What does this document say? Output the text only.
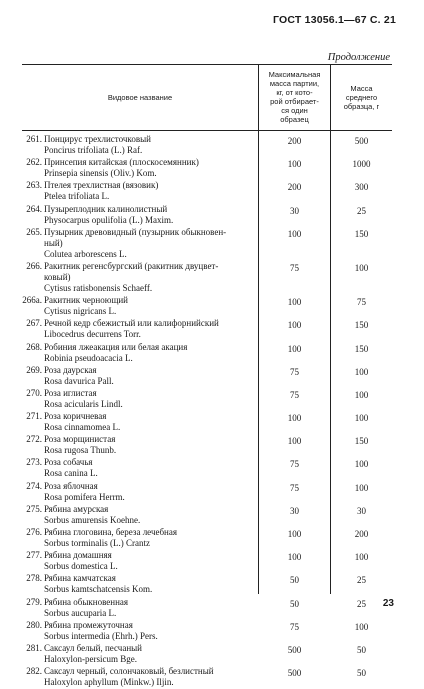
ГОСТ 13056.1—67 С. 21
Продолжение
Видовое название
Максимальная
масса партии,
кг, от кото-
рой отбирает-
ся один
образец
Масса
среднего
образца, г
261. Понцирус трехлисточковый
Poncirus trifoliata (L.) Raf.
200	500
262. Принсепия китайская (плоскосемянник)
Prinsepia sinensis (Oliv.) Kom.
100	1000
263. Птелея трехлистная (вязовик)
Ptelea trifoliata L.
200	300
264. Пузыреплодник калинолистный
Physocarpus opulifolia (L.) Maxim.
30	25
265. Пузырник древовидный (пузырник обыкновен-
ный)
Colutea arborescens L.
100	150
266. Ракитник регенсбургский (ракитник двуцвет-
ковый)
Cytisus ratisbonensis Schaeff.
75	100
266а. Ракитник черноющий
Cytisus nigricans L.
100	75
267. Речной кедр сбежистый или калифорнийский
Libocedrus decurrens Torr.
100	150
268. Робиния лжеакация или белая акация
Robinia pseudoacacia L.
100	150
269. Роза даурская
Rosa davurica Pall.
75	100
270. Роза иглистая
Rosa acicularis Lindl.
75	100
271. Роза коричневая
Rosa cinnamomea L.
100	100
272. Роза морщинистая
Rosa rugosa Thunb.
100	150
273. Роза собачья
Rosa canina L.
75	100
274. Роза яблочная
Rosa pomifera Herrm.
75	100
275. Рябина амурская
Sorbus amurensis Koehne.
30	30
276. Рябина глоговина, береза лечебная
Sorbus torminalis (L.) Crantz
100	200
277. Рябина домашняя
Sorbus domestica L.
100	100
278. Рябина камчатская
Sorbus kamtschatcensis Kom.
50	25
279. Рябина обыкновенная
Sorbus aucuparia L.
50	25
280. Рябина промежуточная
Sorbus intermedia (Ehrh.) Pers.
75	100
281. Саксаул белый, песчаный
Haloxylon-persicum Bge.
500	50
282. Саксаул черный, солончаковый, безлистный
Haloxylon aphyllum (Minkw.) Iljin.
500	50
23
